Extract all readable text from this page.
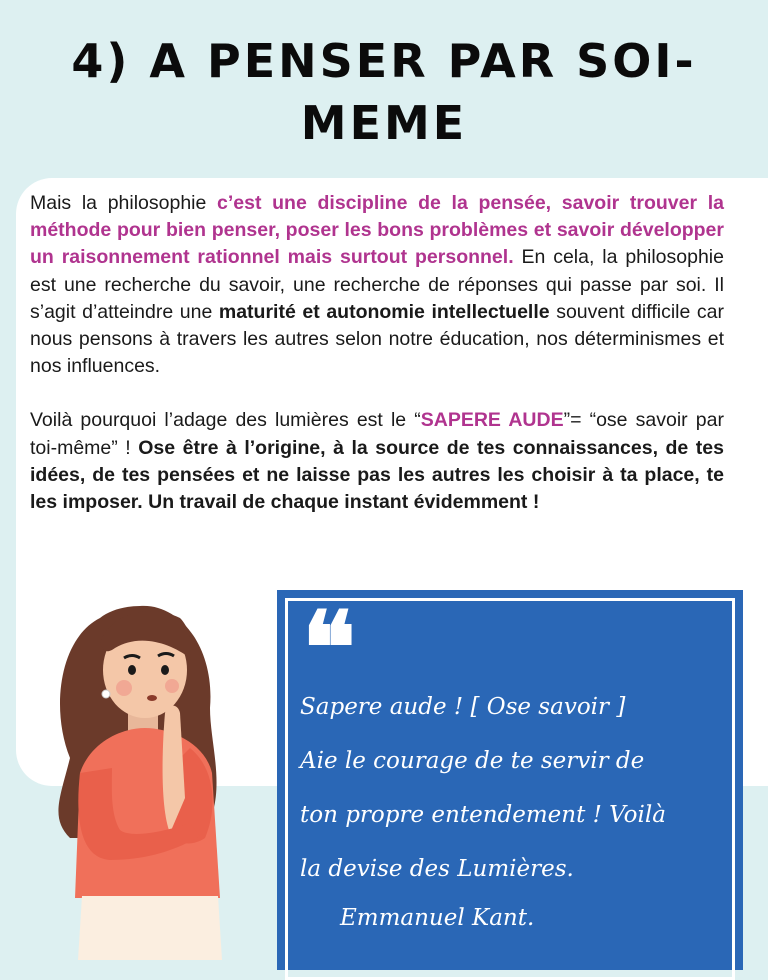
4) A PENSER PAR SOI-
MEME

Mais la philosophie c’est une discipline de la pensée, savoir trouver la méthode pour bien penser, poser les bons problèmes et savoir développer un raisonnement rationnel mais surtout personnel. En cela, la philosophie est une recherche du savoir, une recherche de réponses qui passe par soi. Il s’agit d’atteindre une maturité et autonomie intellectuelle souvent difficile car nous pensons à travers les autres selon notre éducation, nos déterminismes et nos influences.

Voilà pourquoi l’adage des lumières est le “SAPERE AUDE”= “ose savoir par toi-même” ! Ose être à l’origine, à la source de tes connaissances, de tes idées, de tes pensées et ne laisse pas les autres les choisir à ta place, te les imposer. Un travail de chaque instant évidemment !

❝
Sapere aude ! [ Ose savoir ]
Aie le courage de te servir de
ton propre entendement ! Voilà
la devise des Lumières.
Emmanuel Kant.
